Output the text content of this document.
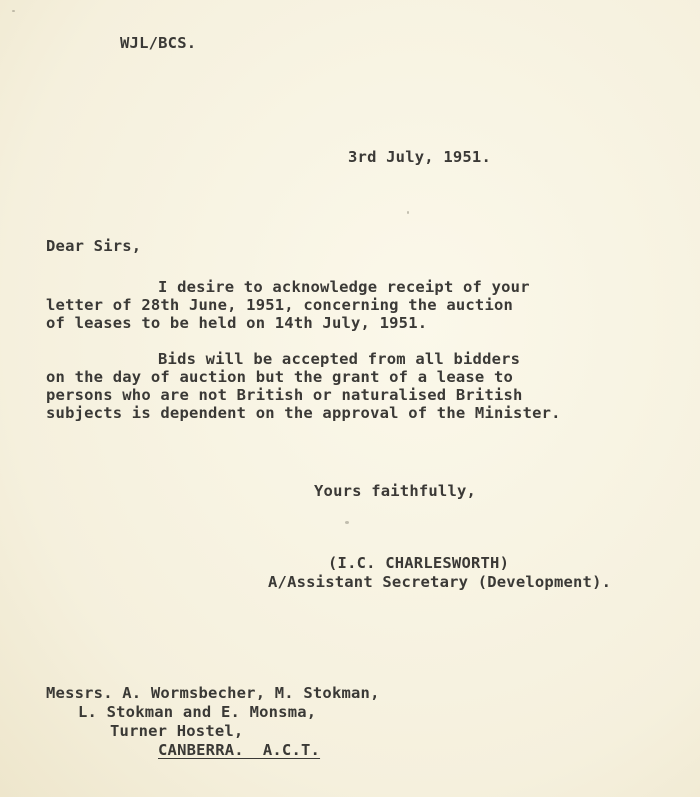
WJL/BCS.
3rd July, 1951.
Dear Sirs,
I desire to acknowledge receipt of your
letter of 28th June, 1951, concerning the auction
of leases to be held on 14th July, 1951.
Bids will be accepted from all bidders
on the day of auction but the grant of a lease to
persons who are not British or naturalised British
subjects is dependent on the approval of the Minister.
Yours faithfully,
(I.C. CHARLESWORTH)
A/Assistant Secretary (Development).
Messrs. A. Wormsbecher, M. Stokman,
L. Stokman and E. Monsma,
Turner Hostel,
CANBERRA.  A.C.T.
